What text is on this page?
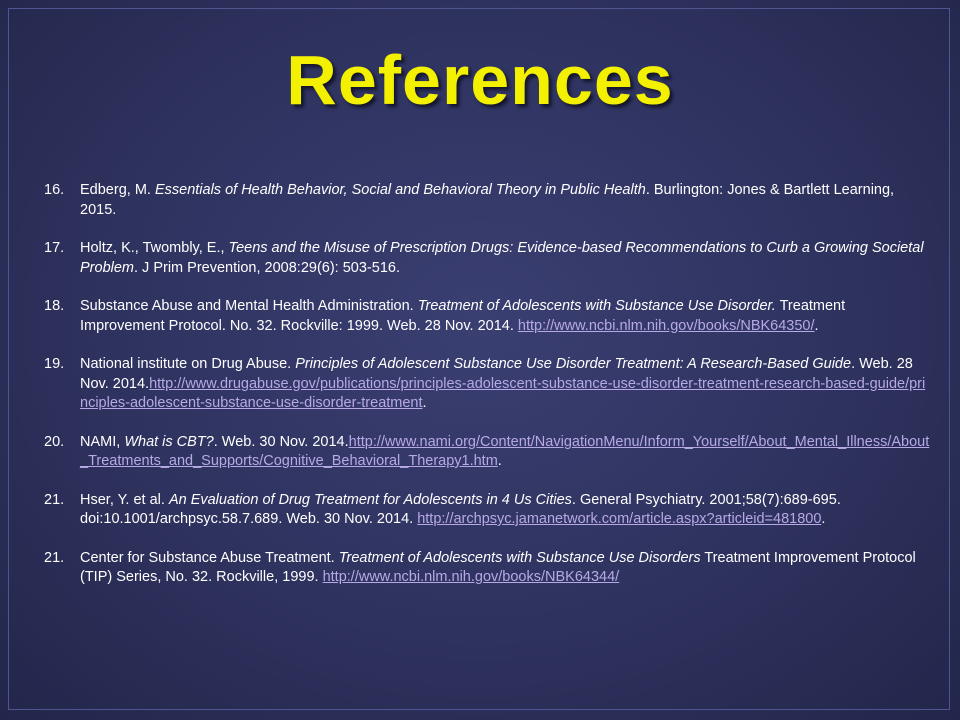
References
16.	Edberg, M. Essentials of Health Behavior, Social and Behavioral Theory in Public Health. Burlington: Jones & Bartlett Learning, 2015.
17.	Holtz, K., Twombly, E., Teens and the Misuse of Prescription Drugs: Evidence-based Recommendations to Curb a Growing Societal Problem. J Prim Prevention, 2008:29(6): 503-516.
18.	Substance Abuse and Mental Health Administration. Treatment of Adolescents with Substance Use Disorder. Treatment Improvement Protocol. No. 32. Rockville: 1999. Web. 28 Nov. 2014. http://www.ncbi.nlm.nih.gov/books/NBK64350/.
19.	National institute on Drug Abuse. Principles of Adolescent Substance Use Disorder Treatment: A Research-Based Guide. Web. 28 Nov. 2014.http://www.drugabuse.gov/publications/principles-adolescent-substance-use-disorder-treatment-research-based-guide/principles-adolescent-substance-use-disorder-treatment.
20.	NAMI, What is CBT?. Web. 30 Nov. 2014.http://www.nami.org/Content/NavigationMenu/Inform_Yourself/About_Mental_Illness/About_Treatments_and_Supports/Cognitive_Behavioral_Therapy1.htm.
21.	Hser, Y. et al. An Evaluation of Drug Treatment for Adolescents in 4 Us Cities. General Psychiatry. 2001;58(7):689-695. doi:10.1001/archpsyc.58.7.689. Web. 30 Nov. 2014. http://archpsyc.jamanetwork.com/article.aspx?articleid=481800.
21.	Center for Substance Abuse Treatment. Treatment of Adolescents with Substance Use Disorders Treatment Improvement Protocol (TIP) Series, No. 32. Rockville, 1999. http://www.ncbi.nlm.nih.gov/books/NBK64344/
